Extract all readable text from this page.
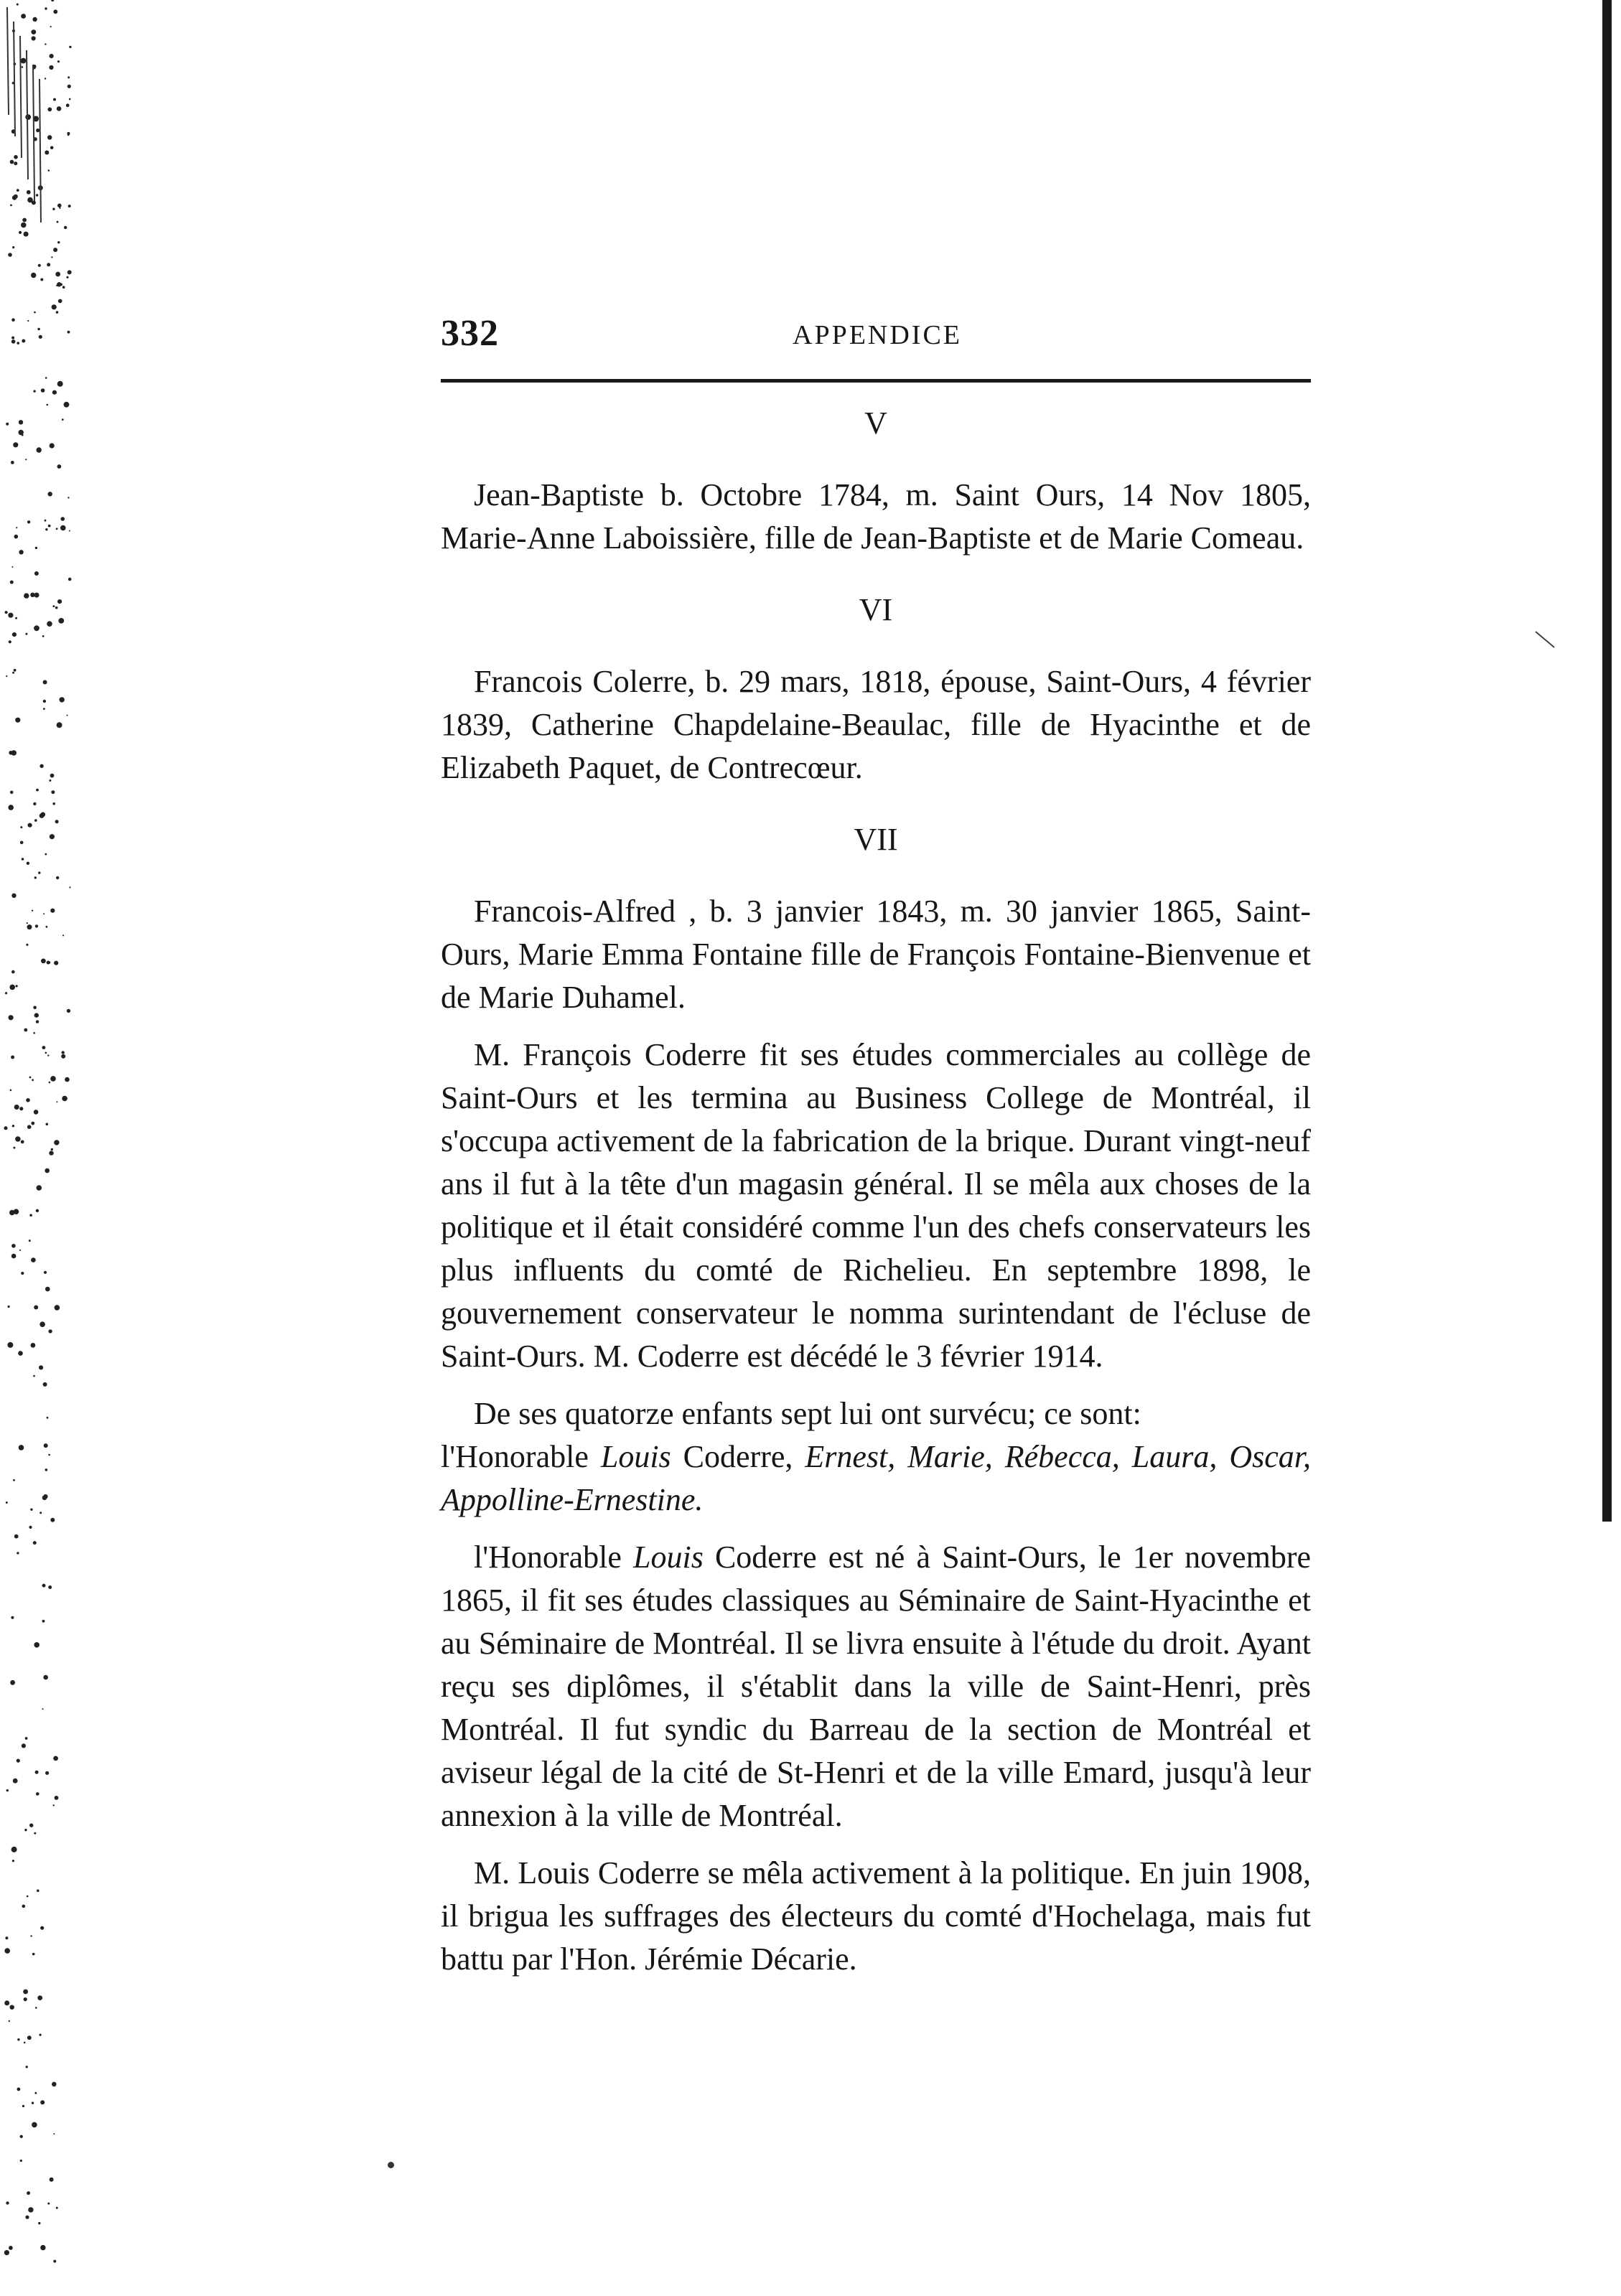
332	APPENDICE
V

Jean-Baptiste b. Octobre 1784, m. Saint Ours, 14 Nov 1805, Marie-Anne Laboissière, fille de Jean-Baptiste et de Marie Comeau.

VI

Francois Colerre, b. 29 mars, 1818, épouse, Saint-Ours, 4 février 1839, Catherine Chapdelaine-Beaulac, fille de Hyacinthe et de Elizabeth Paquet, de Contrecœur.

VII

Francois-Alfred , b. 3 janvier 1843, m. 30 janvier 1865, Saint-Ours, Marie Emma Fontaine fille de François Fontaine-Bienvenue et de Marie Duhamel.

M. François Coderre fit ses études commerciales au collège de Saint-Ours et les termina au Business College de Montréal, il s'occupa activement de la fabrication de la brique. Durant vingt-neuf ans il fut à la tête d'un magasin général. Il se mêla aux choses de la politique et il était considéré comme l'un des chefs conservateurs les plus influents du comté de Richelieu. En septembre 1898, le gouvernement conservateur le nomma surintendant de l'écluse de Saint-Ours. M. Coderre est décédé le 3 février 1914.

De ses quatorze enfants sept lui ont survécu; ce sont:

l'Honorable Louis Coderre, Ernest, Marie, Rébecca, Laura, Oscar, Appolline-Ernestine.

l'Honorable Louis Coderre est né à Saint-Ours, le 1er novembre 1865, il fit ses études classiques au Séminaire de Saint-Hyacinthe et au Séminaire de Montréal. Il se livra ensuite à l'étude du droit. Ayant reçu ses diplômes, il s'établit dans la ville de Saint-Henri, près Montréal. Il fut syndic du Barreau de la section de Montréal et aviseur légal de la cité de St-Henri et de la ville Emard, jusqu'à leur annexion à la ville de Montréal.

M. Louis Coderre se mêla activement à la politique. En juin 1908, il brigua les suffrages des électeurs du comté d'Hochelaga, mais fut battu par l'Hon. Jérémie Décarie.
